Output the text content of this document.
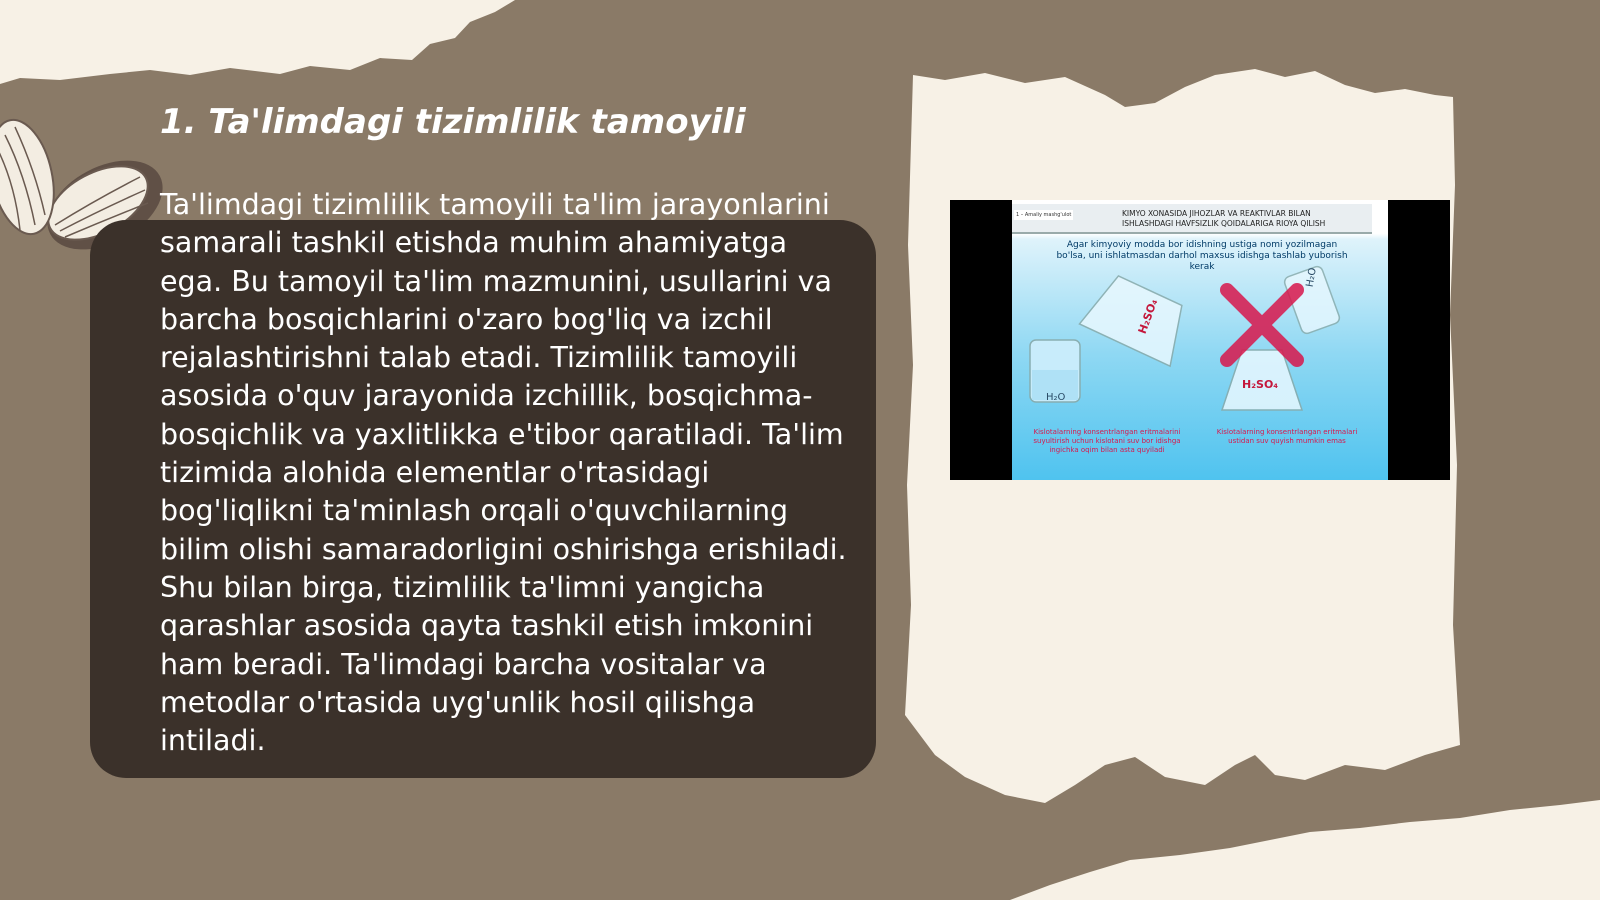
1. Ta'limdagi tizimlilik tamoyili

Ta'limdagi tizimlilik tamoyili ta'lim jarayonlarini samarali tashkil etishda muhim ahamiyatga ega. Bu tamoyil ta'lim mazmunini, usullarini va barcha bosqichlarini o'zaro bog'liq va izchil rejalashtirishni talab etadi. Tizimlilik tamoyili asosida o'quv jarayonida izchillik, bosqichma-bosqichlik va yaxlitlikka e'tibor qaratiladi. Ta'lim tizimida alohida elementlar o'rtasidagi bog'liqlikni ta'minlash orqali o'quvchilarning bilim olishi samaradorligini oshirishga erishiladi. Shu bilan birga, tizimlilik ta'limni yangicha qarashlar asosida qayta tashkil etish imkonini ham beradi. Ta'limdagi barcha vositalar va metodlar o'rtasida uyg'unlik hosil qilishga intiladi.

1 – Amaliy mashg'ulot	KIMYO XONASIDA JIHOZLAR VA REAKTIVLAR BILAN
ISHLASHDAGI HAVFSIZLIK QOIDALARIGA RIOYA QILISH
Agar kimyoviy modda bor idishning ustiga nomi yozilmagan bo'lsa, uni ishlatmasdan darhol maxsus idishga tashlab yuborish kerak
H₂O
H₂SO₄
H₂SO₄
H₂O
Kislotalarning konsentrlangan eritmalarini suyultirish uchun kislotani suv bor idishga ingichka oqim bilan asta quyiladi
Kislotalarning konsentrlangan eritmalari ustidan suv quyish mumkin emas
